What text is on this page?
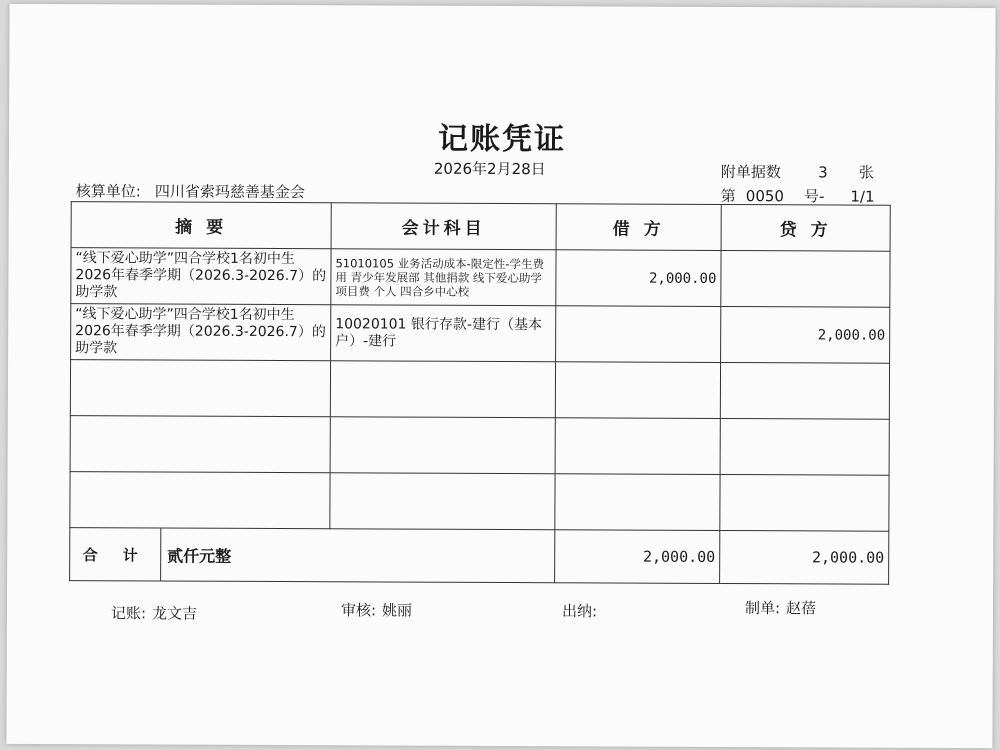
记账凭证
2026年2月28日	附单据数 3 张
核算单位: 四川省索玛慈善基金会	第 0050 号- 1/1
摘 要	会计科目	借 方	贷 方
“线下爱心助学”四合学校1名初中生2026年春季学期（2026.3-2026.7）的助学款	51010105 业务活动成本-限定性-学生费用 青少年发展部 其他捐款 线下爱心助学 项目费 个人 四合乡中心校	2,000.00	
“线下爱心助学”四合学校1名初中生2026年春季学期（2026.3-2026.7）的助学款	10020101 银行存款-建行（基本户）-建行		2,000.00

合 计 贰仟元整		2,000.00	2,000.00
记账: 龙文吉	审核: 姚丽	出纳:	制单: 赵蓓
